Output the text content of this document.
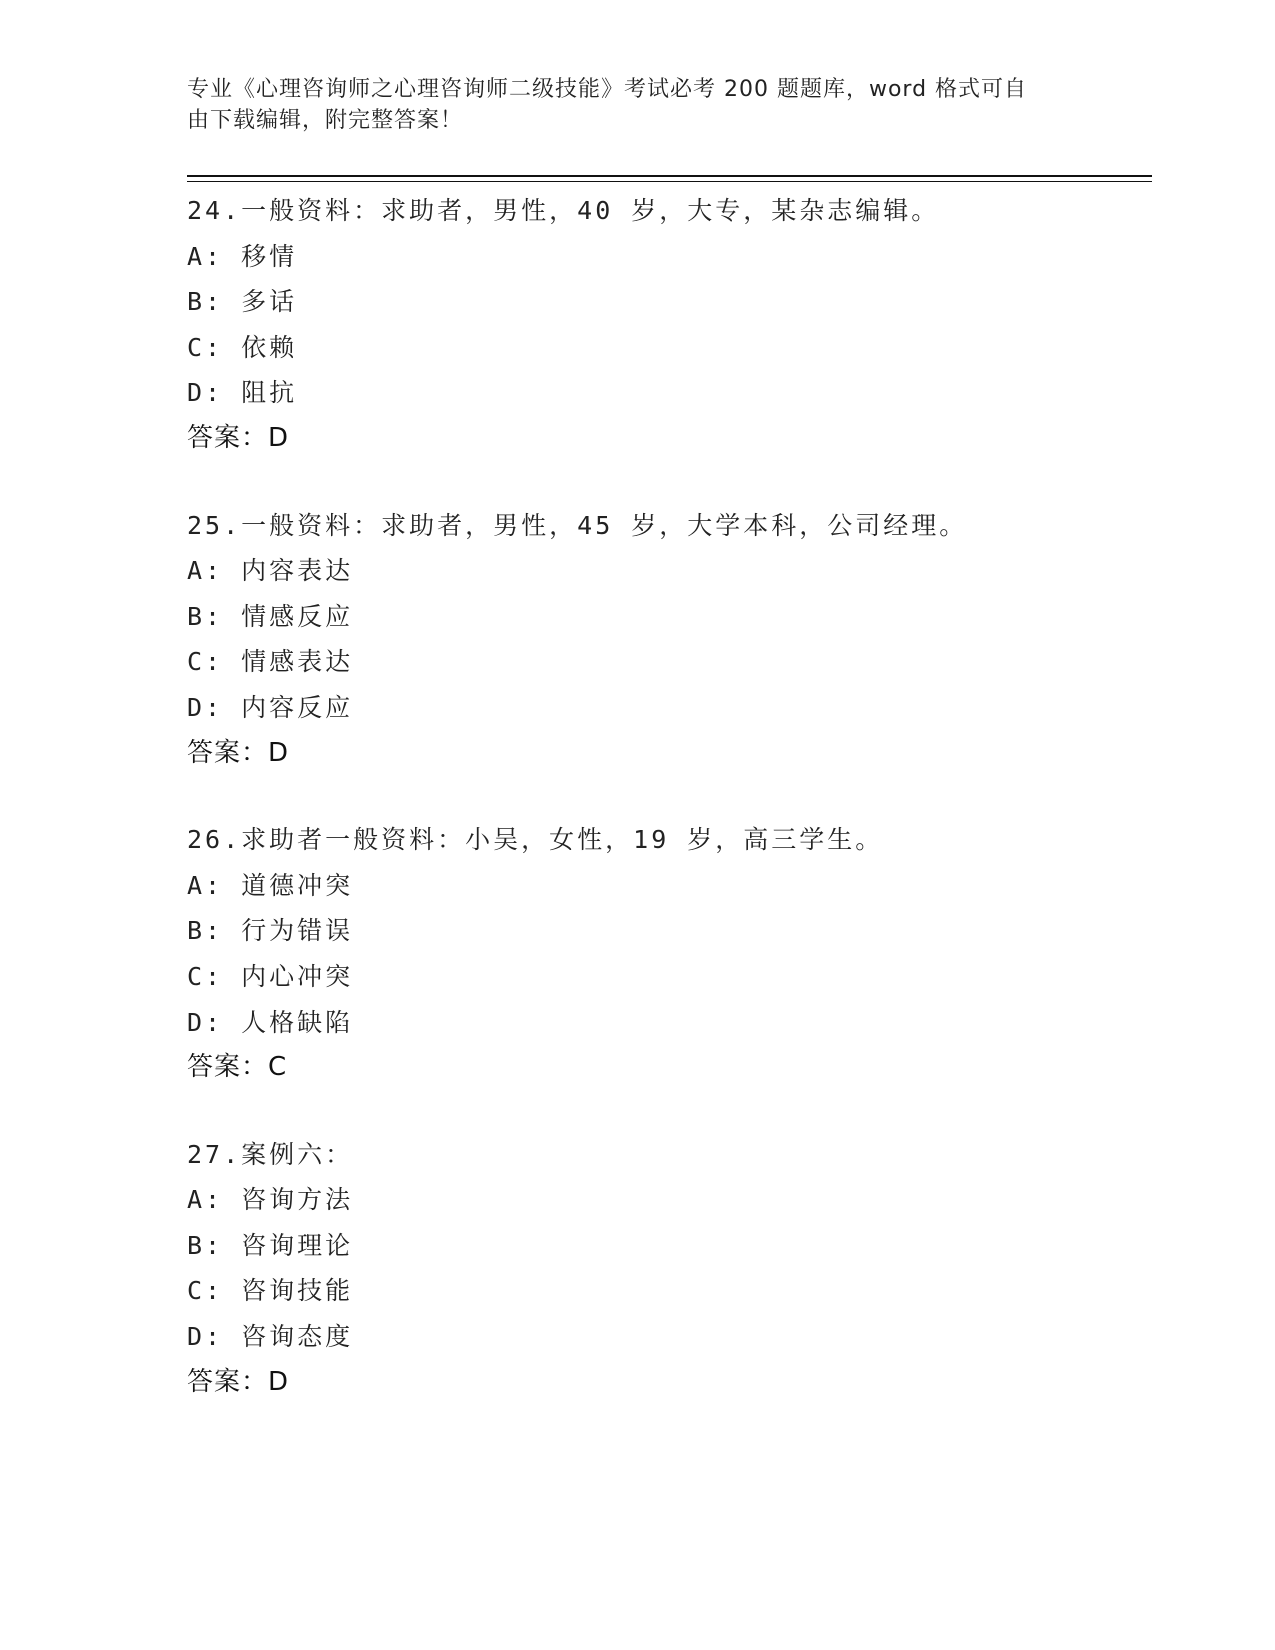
专业《心理咨询师之心理咨询师二级技能》考试必考 200 题题库，word 格式可自
由下载编辑，附完整答案！
24.一般资料：求助者，男性，40 岁，大专，某杂志编辑。
A: 移情
B: 多话
C: 依赖
D: 阻抗
答案：D
25.一般资料：求助者，男性，45 岁，大学本科，公司经理。
A: 内容表达
B: 情感反应
C: 情感表达
D: 内容反应
答案：D
26.求助者一般资料：小吴，女性，19 岁，高三学生。
A: 道德冲突
B: 行为错误
C: 内心冲突
D: 人格缺陷
答案：C
27.案例六：
A: 咨询方法
B: 咨询理论
C: 咨询技能
D: 咨询态度
答案：D
